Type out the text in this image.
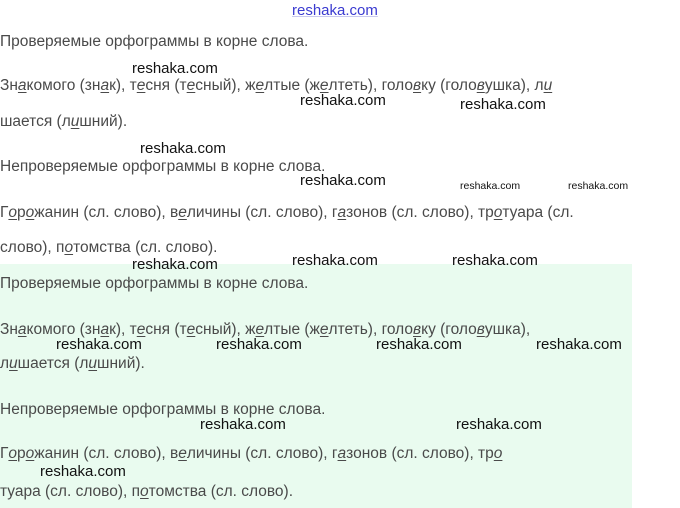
reshaka.com
reshaka.com
reshaka.com	reshaka.com
reshaka.com
reshaka.com	reshaka.com	reshaka.com
reshaka.com	reshaka.com	reshaka.com
reshaka.com	reshaka.com	reshaka.com	reshaka.com
reshaka.com	reshaka.com
reshaka.com
Проверяемые орфограммы в корне слова.
Знакомого (знак), тесня (тесный), желтые (желтеть), головку (головушка), ли
шается (лишний).
Непроверяемые орфограммы в корне слова.
Горожанин (сл. слово), величины (сл. слово), газонов (сл. слово), тротуара (сл.
слово), потомства (сл. слово).
Проверяемые орфограммы в корне слова.
Знакомого (знак), тесня (тесный), желтые (желтеть), головку (головушка),
лишается (лишний).
Непроверяемые орфограммы в корне слова.
Горожанин (сл. слово), величины (сл. слово), газонов (сл. слово), тро
туара (сл. слово), потомства (сл. слово).
